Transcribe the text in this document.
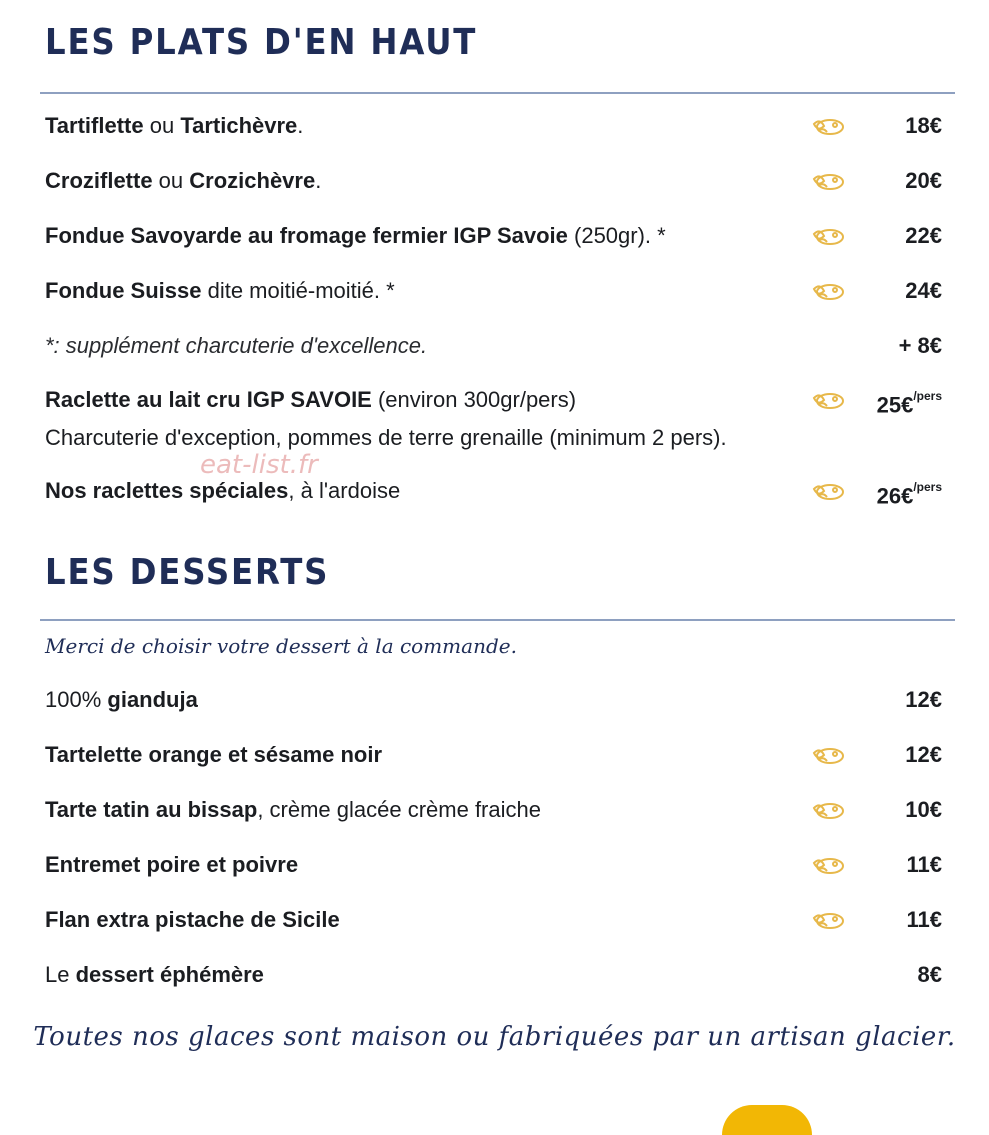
LES PLATS D'EN HAUT
Tartiflette ou Tartichèvre.	18€
Croziflette ou Crozichèvre.	20€
Fondue Savoyarde au fromage fermier IGP Savoie (250gr). *	22€
Fondue Suisse dite moitié-moitié. *	24€
*: supplément charcuterie d'excellence.	+ 8€
Raclette au lait cru IGP SAVOIE (environ 300gr/pers)	25€$^{/pers}$
Charcuterie d'exception, pommes de terre grenaille (minimum 2 pers).
Nos raclettes spéciales, à l'ardoise	26€$^{/pers}$
eat-list.fr
LES DESSERTS
Merci de choisir votre dessert à la commande.
100% gianduja	12€
Tartelette orange et sésame noir	12€
Tarte tatin au bissap, crème glacée crème fraiche	10€
Entremet poire et poivre	11€
Flan extra pistache de Sicile	11€
Le dessert éphémère	8€
Toutes nos glaces sont maison ou fabriquées par un artisan glacier.
